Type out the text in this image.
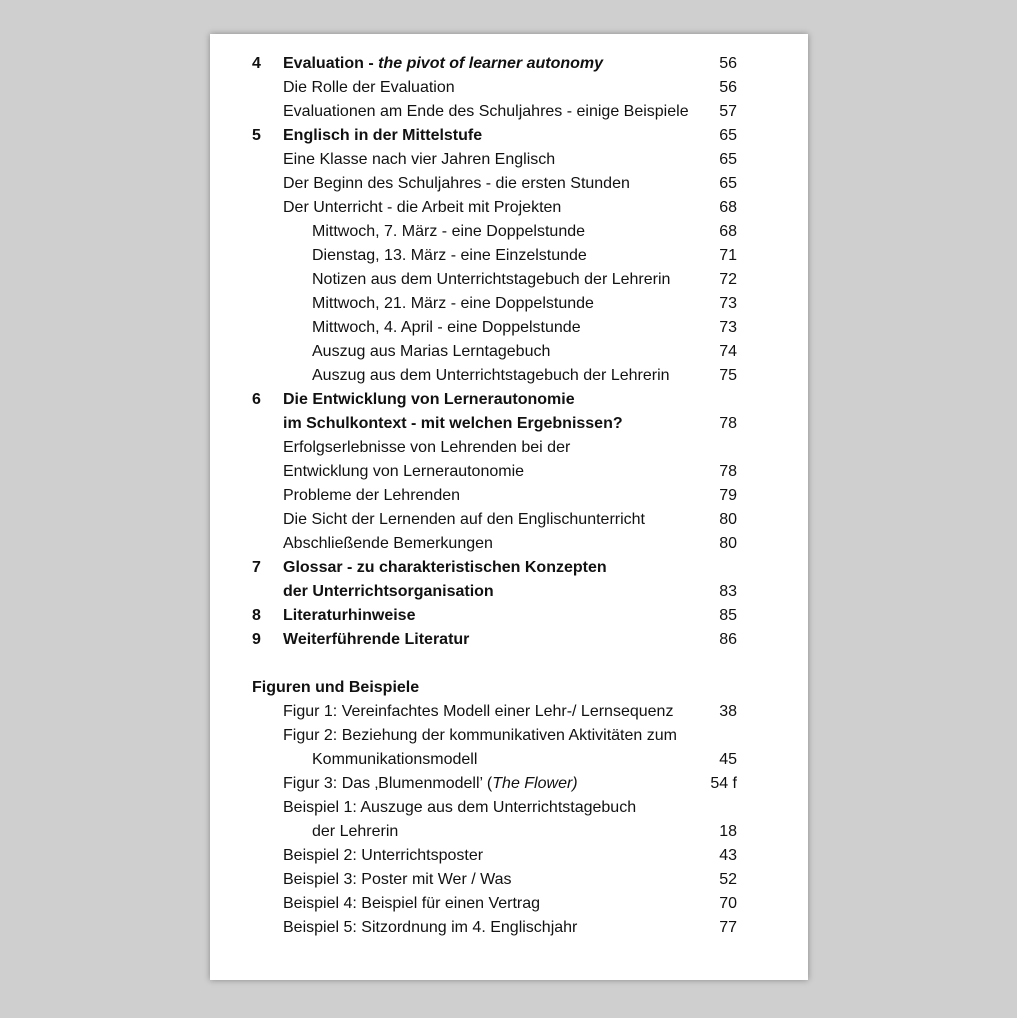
4 Evaluation - the pivot of learner autonomy	56
Die Rolle der Evaluation	56
Evaluationen am Ende des Schuljahres - einige Beispiele 57
5 Englisch in der Mittelstufe	65
Eine Klasse nach vier Jahren Englisch	65
Der Beginn des Schuljahres - die ersten Stunden	65
Der Unterricht - die Arbeit mit Projekten	68
Mittwoch, 7. März - eine Doppelstunde	68
Dienstag, 13. März - eine Einzelstunde	71
Notizen aus dem Unterrichtstagebuch der Lehrerin	72
Mittwoch, 21. März - eine Doppelstunde	73
Mittwoch, 4. April - eine Doppelstunde	73
Auszug aus Marias Lerntagebuch	74
Auszug aus dem Unterrichtstagebuch der Lehrerin	75
6 Die Entwicklung von Lernerautonomie
im Schulkontext - mit welchen Ergebnissen?	78
Erfolgserlebnisse von Lehrenden bei der
Entwicklung von Lernerautonomie	78
Probleme der Lehrenden	79
Die Sicht der Lernenden auf den Englischunterricht	80
Abschließende Bemerkungen	80
7 Glossar - zu charakteristischen Konzepten
der Unterrichtsorganisation	83
8 Literaturhinweise	85
9 Weiterführende Literatur	86
Figuren und Beispiele
Figur 1: Vereinfachtes Modell einer Lehr-/ Lernsequenz	38
Figur 2: Beziehung der kommunikativen Aktivitäten zum
Kommunikationsmodell	45
Figur 3: Das ‚Blumenmodell’ (The Flower)	54 f
Beispiel 1: Auszuge aus dem Unterrichtstagebuch
der Lehrerin	18
Beispiel 2: Unterrichtsposter	43
Beispiel 3: Poster mit Wer / Was	52
Beispiel 4: Beispiel für einen Vertrag	70
Beispiel 5: Sitzordnung im 4. Englischjahr	77
